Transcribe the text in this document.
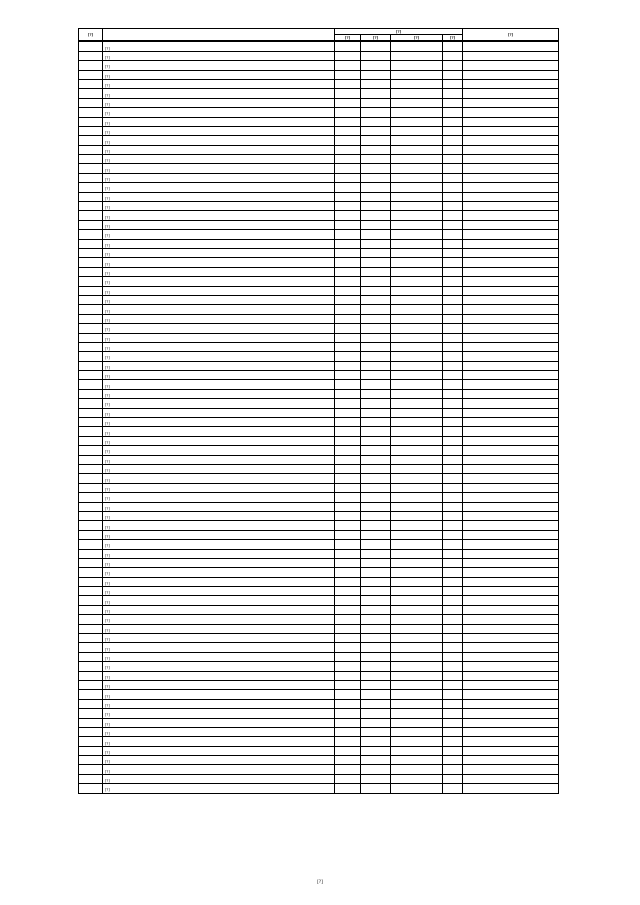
[?]		[?]				[?]
		[?]	[?]	[?]	[?]	

	[?]					
	[?]					
	[?]					
	[?]					
	[?]					
	[?]					
	[?]					
	[?]					
	[?]					
	[?]					
	[?]					
	[?]					
	[?]					
	[?]					
	[?]					
	[?]					
	[?]					
	[?]					
	[?]					
	[?]					
	[?]					
	[?]					
	[?]					
	[?]					
	[?]					
	[?]					
	[?]					
	[?]					
	[?]					
	[?]					
	[?]					
	[?]					
	[?]					
	[?]					
	[?]					
	[?]					
	[?]					
	[?]					
	[?]					
	[?]					
	[?]					
	[?]					
	[?]					
	[?]					
	[?]					
	[?]					
	[?]					
	[?]					
	[?]					
	[?]					
	[?]					
	[?]					
	[?]					
	[?]					
	[?]					
	[?]					
	[?]					
	[?]					
	[?]					
	[?]					
	[?]					
	[?]					
	[?]					
	[?]					
	[?]					
	[?]					
	[?]					
	[?]					
	[?]					
	[?]					
	[?]					
	[?]					
	[?]					
	[?]					
	[?]					
	[?]					
	[?]					
	[?]					
	[?]					
	[?]					
[?]
